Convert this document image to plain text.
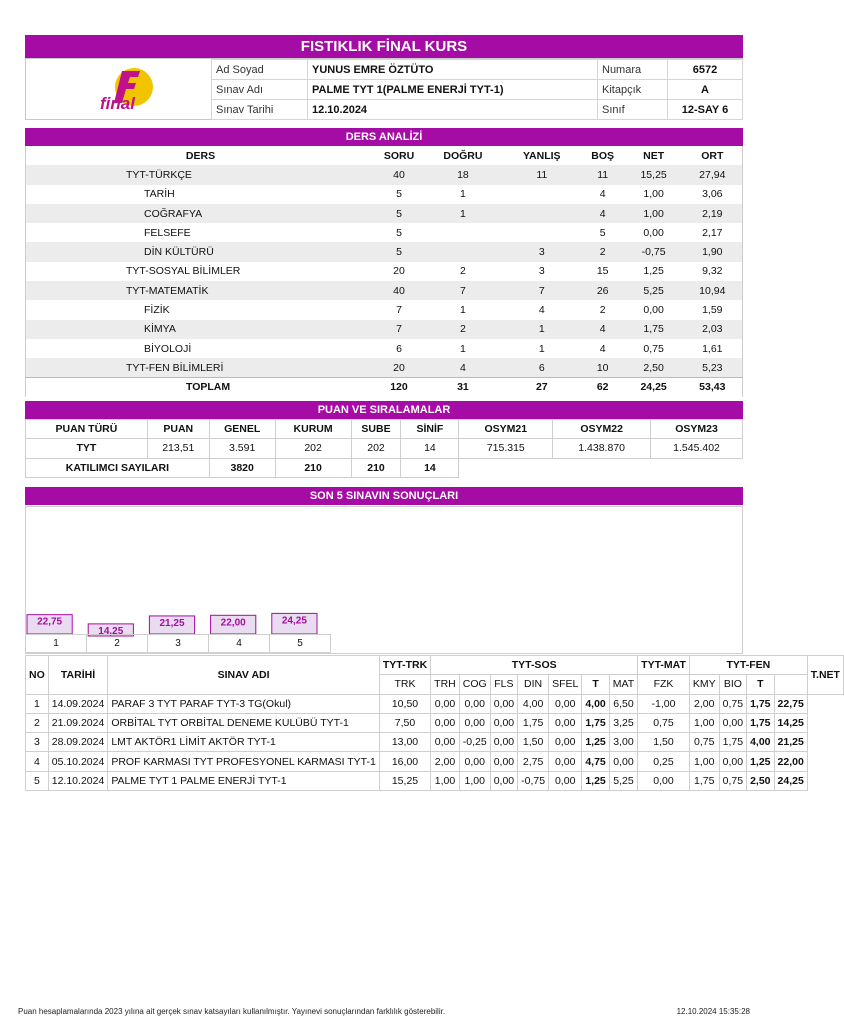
FISTIKLIK FİNAL KURS
final
Ad Soyad	YUNUS EMRE ÖZTÜTO	Numara	6572
Sınav Adı	PALME TYT 1(PALME ENERJİ TYT-1)	Kitapçık	A
Sınav Tarihi	12.10.2024	Sınıf	12-SAY 6
DERS ANALİZİ
DERS	SORU	DOĞRU	YANLIŞ	BOŞ	NET	ORT
TYT-TÜRKÇE	40	18	11	11	15,25	27,94
TARİH	5	1		4	1,00	3,06
COĞRAFYA	5	1		4	1,00	2,19
FELSEFE	5			5	0,00	2,17
DİN KÜLTÜRÜ	5		3	2	-0,75	1,90
TYT-SOSYAL BİLİMLER	20	2	3	15	1,25	9,32
TYT-MATEMATİK	40	7	7	26	5,25	10,94
FİZİK	7	1	4	2	0,00	1,59
KİMYA	7	2	1	4	1,75	2,03
BİYOLOJİ	6	1	1	4	0,75	1,61
TYT-FEN BİLİMLERİ	20	4	6	10	2,50	5,23
TOPLAM	120	31	27	62	24,25	53,43
PUAN VE SIRALAMALAR
PUAN TÜRÜ	PUAN	GENEL	KURUM	SUBE	SİNİF	OSYM21	OSYM22	OSYM23
TYT	213,51	3.591	202	202	14	715.315	1.438.870	1.545.402
KATILIMCI SAYILARI		3820	210	210	14			
SON 5 SINAVIN SONUÇLARI
22,75
14,25
21,25	22,00	24,25
1	2	3	4	5
NO	TARİHİ	SINAV ADI	TYT-TRK	TYT-SOS							TYT-MAT	TYT-FEN				T.NET
			TRK	TRH	COG	FLS	DIN	SFEL	T	MAT	FZK	KMY	BIO	T		
1	14.09.2024	PARAF 3 TYT PARAF TYT-3 TG(Okul)	10,50	0,00	0,00	0,00	4,00	0,00	4,00	6,50	-1,00	2,00	0,75	1,75	22,75	
2	21.09.2024	ORBİTAL TYT ORBİTAL DENEME KULÜBÜ TYT-1	7,50	0,00	0,00	0,00	1,75	0,00	1,75	3,25	0,75	1,00	0,00	1,75	14,25	
3	28.09.2024	LMT AKTÖR1 LİMİT AKTÖR TYT-1	13,00	0,00	-0,25	0,00	1,50	0,00	1,25	3,00	1,50	0,75	1,75	4,00	21,25	
4	05.10.2024	PROF KARMASI TYT PROFESYONEL KARMASI TYT-1	16,00	2,00	0,00	0,00	2,75	0,00	4,75	0,00	0,25	1,00	0,00	1,25	22,00	
5	12.10.2024	PALME TYT 1 PALME ENERJİ TYT-1	15,25	1,00	1,00	0,00	-0,75	0,00	1,25	5,25	0,00	1,75	0,75	2,50	24,25	
Puan hesaplamalarında 2023 yılına ait gerçek sınav katsayıları kullanılmıştır. Yayınevi sonuçlarından farklılık gösterebilir.	12.10.2024 15:35:28
